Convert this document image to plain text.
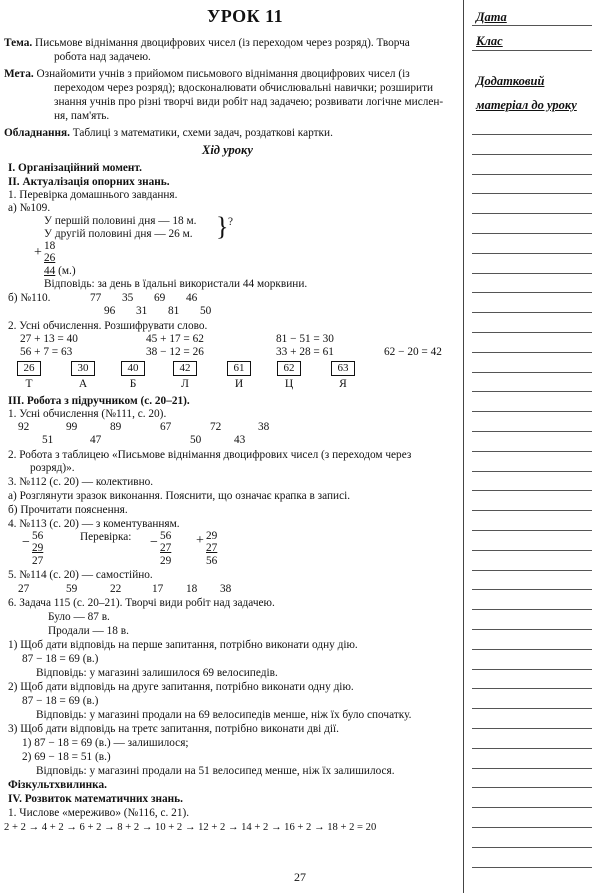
УРОК 11
Тема. Письмове віднімання двоцифрових чисел (із переходом через розряд). Творча
робота над задачею.
Мета. Ознайомити учнів з прийомом письмового віднімання двоцифрових чисел (із
переходом через розряд); вдосконалювати обчислювальні навички; розширити
знання учнів про різні творчі види робіт над задачею; розвивати логічне мислен-
ня, пам'ять.
Обладнання. Таблиці з математики, схеми задач, роздаткові картки.
Хід уроку
I. Організаційний момент.
II. Актуалізація опорних знань.
1. Перевірка домашнього завдання.
а) №109.
У першій половині дня — 18 м.
У другій половині дня — 26 м. } ?
+ 18
26
44 (м.)
Відповідь: за день в їдальні використали 44 морквини.
б) №110.	77 35 69 46
96 31 81 50
2. Усні обчислення. Розшифрувати слово.
27 + 13 = 40	45 + 17 = 62	81 − 51 = 30
56 + 7 = 63	38 − 12 = 26	33 + 28 = 61	62 − 20 = 42
26	30	40	42	61	62	63
Т	А	Б	Л	И	Ц	Я
III. Робота з підручником (с. 20–21).
1. Усні обчислення (№111, с. 20).
92	99	89	67	72	38
51	47	50	43
2. Робота з таблицею «Письмове віднімання двоцифрових чисел (з переходом через
розряд)».
3. №112 (с. 20) — колективно.
а) Розглянути зразок виконання. Пояснити, що означає крапка в записі.
б) Прочитати пояснення.
4. №113 (с. 20) — з коментуванням.
− 56
29
27
Перевірка: − 56
27
29
+ 29
27
56
5. №114 (с. 20) — самостійно.
27	59	22	17 18 38
6. Задача 115 (с. 20–21). Творчі види робіт над задачею.
Було — 87 в.
Продали — 18 в.
1) Щоб дати відповідь на перше запитання, потрібно виконати одну дію.
87 − 18 = 69 (в.)
Відповідь: у магазині залишилося 69 велосипедів.
2) Щоб дати відповідь на друге запитання, потрібно виконати одну дію.
87 − 18 = 69 (в.)
Відповідь: у магазині продали на 69 велосипедів менше, ніж їх було спочатку.
3) Щоб дати відповідь на третє запитання, потрібно виконати дві дії.
1) 87 − 18 = 69 (в.) — залишилося;
2) 69 − 18 = 51 (в.)
Відповідь: у магазині продали на 51 велосипед менше, ніж їх залишилося.
Фізкультхвилинка.
IV. Розвиток математичних знань.
1. Числове «мереживо» (№116, с. 21).
2 + 2 → 4 + 2 → 6 + 2 → 8 + 2 → 10 + 2 → 12 + 2 → 14 + 2 → 16 + 2 → 18 + 2 = 20
Дата
Клас
Додатковий
матеріал до уроку
27
